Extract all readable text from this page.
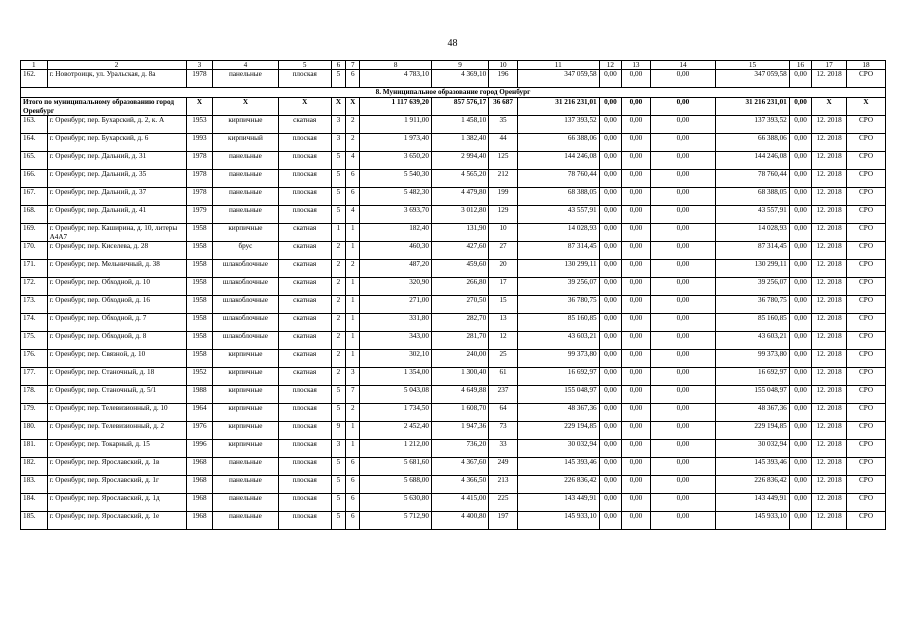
48
1	2	3	4	5	6	7	8	9	10	11	12	13	14	15	16	17	18
162.	г. Новотроицк, ул. Уральская, д. 8а	1978	панельные	плоская	5	6	4 783,10	4 369,10	196	347 059,58	0,00	0,00	0,00	347 059,58	0,00	12. 2018	СРО
8. Муниципальное образование город Оренбург																	
Итого по муниципальному образованию город Оренбург		Х	Х	Х	Х	Х	1 117 639,20	857 576,17	36 687	31 216 231,01	0,00	0,00	0,00	31 216 231,01	0,00	Х	Х
163.	г. Оренбург, пер. Бухарский, д. 2, к. А	1953	кирпичные	скатная	3	2	1 911,00	1 458,10	35	137 393,52	0,00	0,00	0,00	137 393,52	0,00	12. 2018	СРО
164.	г. Оренбург, пер. Бухарский, д. 6	1993	кирпичный	плоская	3	2	1 973,40	1 382,40	44	66 388,06	0,00	0,00	0,00	66 388,06	0,00	12. 2018	СРО
165.	г. Оренбург, пер. Дальний, д. 31	1978	панельные	плоская	5	4	3 650,20	2 994,40	125	144 246,08	0,00	0,00	0,00	144 246,08	0,00	12. 2018	СРО
166.	г. Оренбург, пер. Дальний, д. 35	1978	панельные	плоская	5	6	5 540,30	4 565,20	212	78 760,44	0,00	0,00	0,00	78 760,44	0,00	12. 2018	СРО
167.	г. Оренбург, пер. Дальний, д. 37	1978	панельные	плоская	5	6	5 482,30	4 479,80	199	68 388,05	0,00	0,00	0,00	68 388,05	0,00	12. 2018	СРО
168.	г. Оренбург, пер. Дальний, д. 41	1979	панельные	плоская	5	4	3 693,70	3 012,80	129	43 557,91	0,00	0,00	0,00	43 557,91	0,00	12. 2018	СРО
169.	г. Оренбург, пер. Каширина, д. 10, литеры А4А7	1958	кирпичные	скатная	1	1	182,40	131,90	10	14 028,93	0,00	0,00	0,00	14 028,93	0,00	12. 2018	СРО
170.	г. Оренбург, пер. Киселева, д. 28	1958	брус	скатная	2	1	460,30	427,60	27	87 314,45	0,00	0,00	0,00	87 314,45	0,00	12. 2018	СРО
171.	г. Оренбург, пер. Мельничный, д. 38	1958	шлакоблочные	скатная	2	2	487,20	459,60	20	130 299,11	0,00	0,00	0,00	130 299,11	0,00	12. 2018	СРО
172.	г. Оренбург, пер. Обходной, д. 10	1958	шлакоблочные	скатная	2	1	320,90	266,80	17	39 256,07	0,00	0,00	0,00	39 256,07	0,00	12. 2018	СРО
173.	г. Оренбург, пер. Обходной, д. 16	1958	шлакоблочные	скатная	2	1	271,00	270,50	15	36 780,75	0,00	0,00	0,00	36 780,75	0,00	12. 2018	СРО
174.	г. Оренбург, пер. Обходной, д. 7	1958	шлакоблочные	скатная	2	1	331,80	282,70	13	85 160,85	0,00	0,00	0,00	85 160,85	0,00	12. 2018	СРО
175.	г. Оренбург, пер. Обходной, д. 8	1958	шлакоблочные	скатная	2	1	343,00	281,70	12	43 603,21	0,00	0,00	0,00	43 603,21	0,00	12. 2018	СРО
176.	г. Оренбург, пер. Связной, д. 10	1958	кирпичные	скатная	2	1	302,10	240,00	25	99 373,80	0,00	0,00	0,00	99 373,80	0,00	12. 2018	СРО
177.	г. Оренбург, пер. Станочный, д. 18	1952	кирпичные	скатная	2	3	1 354,00	1 300,40	61	16 692,97	0,00	0,00	0,00	16 692,97	0,00	12. 2018	СРО
178.	г. Оренбург, пер. Станочный, д. 5/1	1988	кирпичные	плоская	5	7	5 043,08	4 649,88	237	155 048,97	0,00	0,00	0,00	155 048,97	0,00	12. 2018	СРО
179.	г. Оренбург, пер. Телевизионный, д. 10	1964	кирпичные	плоская	5	2	1 734,50	1 608,70	64	48 367,36	0,00	0,00	0,00	48 367,36	0,00	12. 2018	СРО
180.	г. Оренбург, пер. Телевизионный, д. 2	1976	кирпичные	плоская	9	1	2 452,40	1 947,36	73	229 194,85	0,00	0,00	0,00	229 194,85	0,00	12. 2018	СРО
181.	г. Оренбург, пер. Токарный, д. 15	1996	кирпичные	плоская	3	1	1 212,00	736,20	33	30 032,94	0,00	0,00	0,00	30 032,94	0,00	12. 2018	СРО
182.	г. Оренбург, пер. Ярославский, д. 1в	1968	панельные	плоская	5	6	5 681,60	4 367,60	249	145 393,46	0,00	0,00	0,00	145 393,46	0,00	12. 2018	СРО
183.	г. Оренбург, пер. Ярославский, д. 1г	1968	панельные	плоская	5	6	5 688,00	4 366,50	213	226 836,42	0,00	0,00	0,00	226 836,42	0,00	12. 2018	СРО
184.	г. Оренбург, пер. Ярославский, д. 1д	1968	панельные	плоская	5	6	5 630,80	4 415,00	225	143 449,91	0,00	0,00	0,00	143 449,91	0,00	12. 2018	СРО
185.	г. Оренбург, пер. Ярославский, д. 1е	1968	панельные	плоская	5	6	5 712,90	4 400,80	197	145 933,10	0,00	0,00	0,00	145 933,10	0,00	12. 2018	СРО
